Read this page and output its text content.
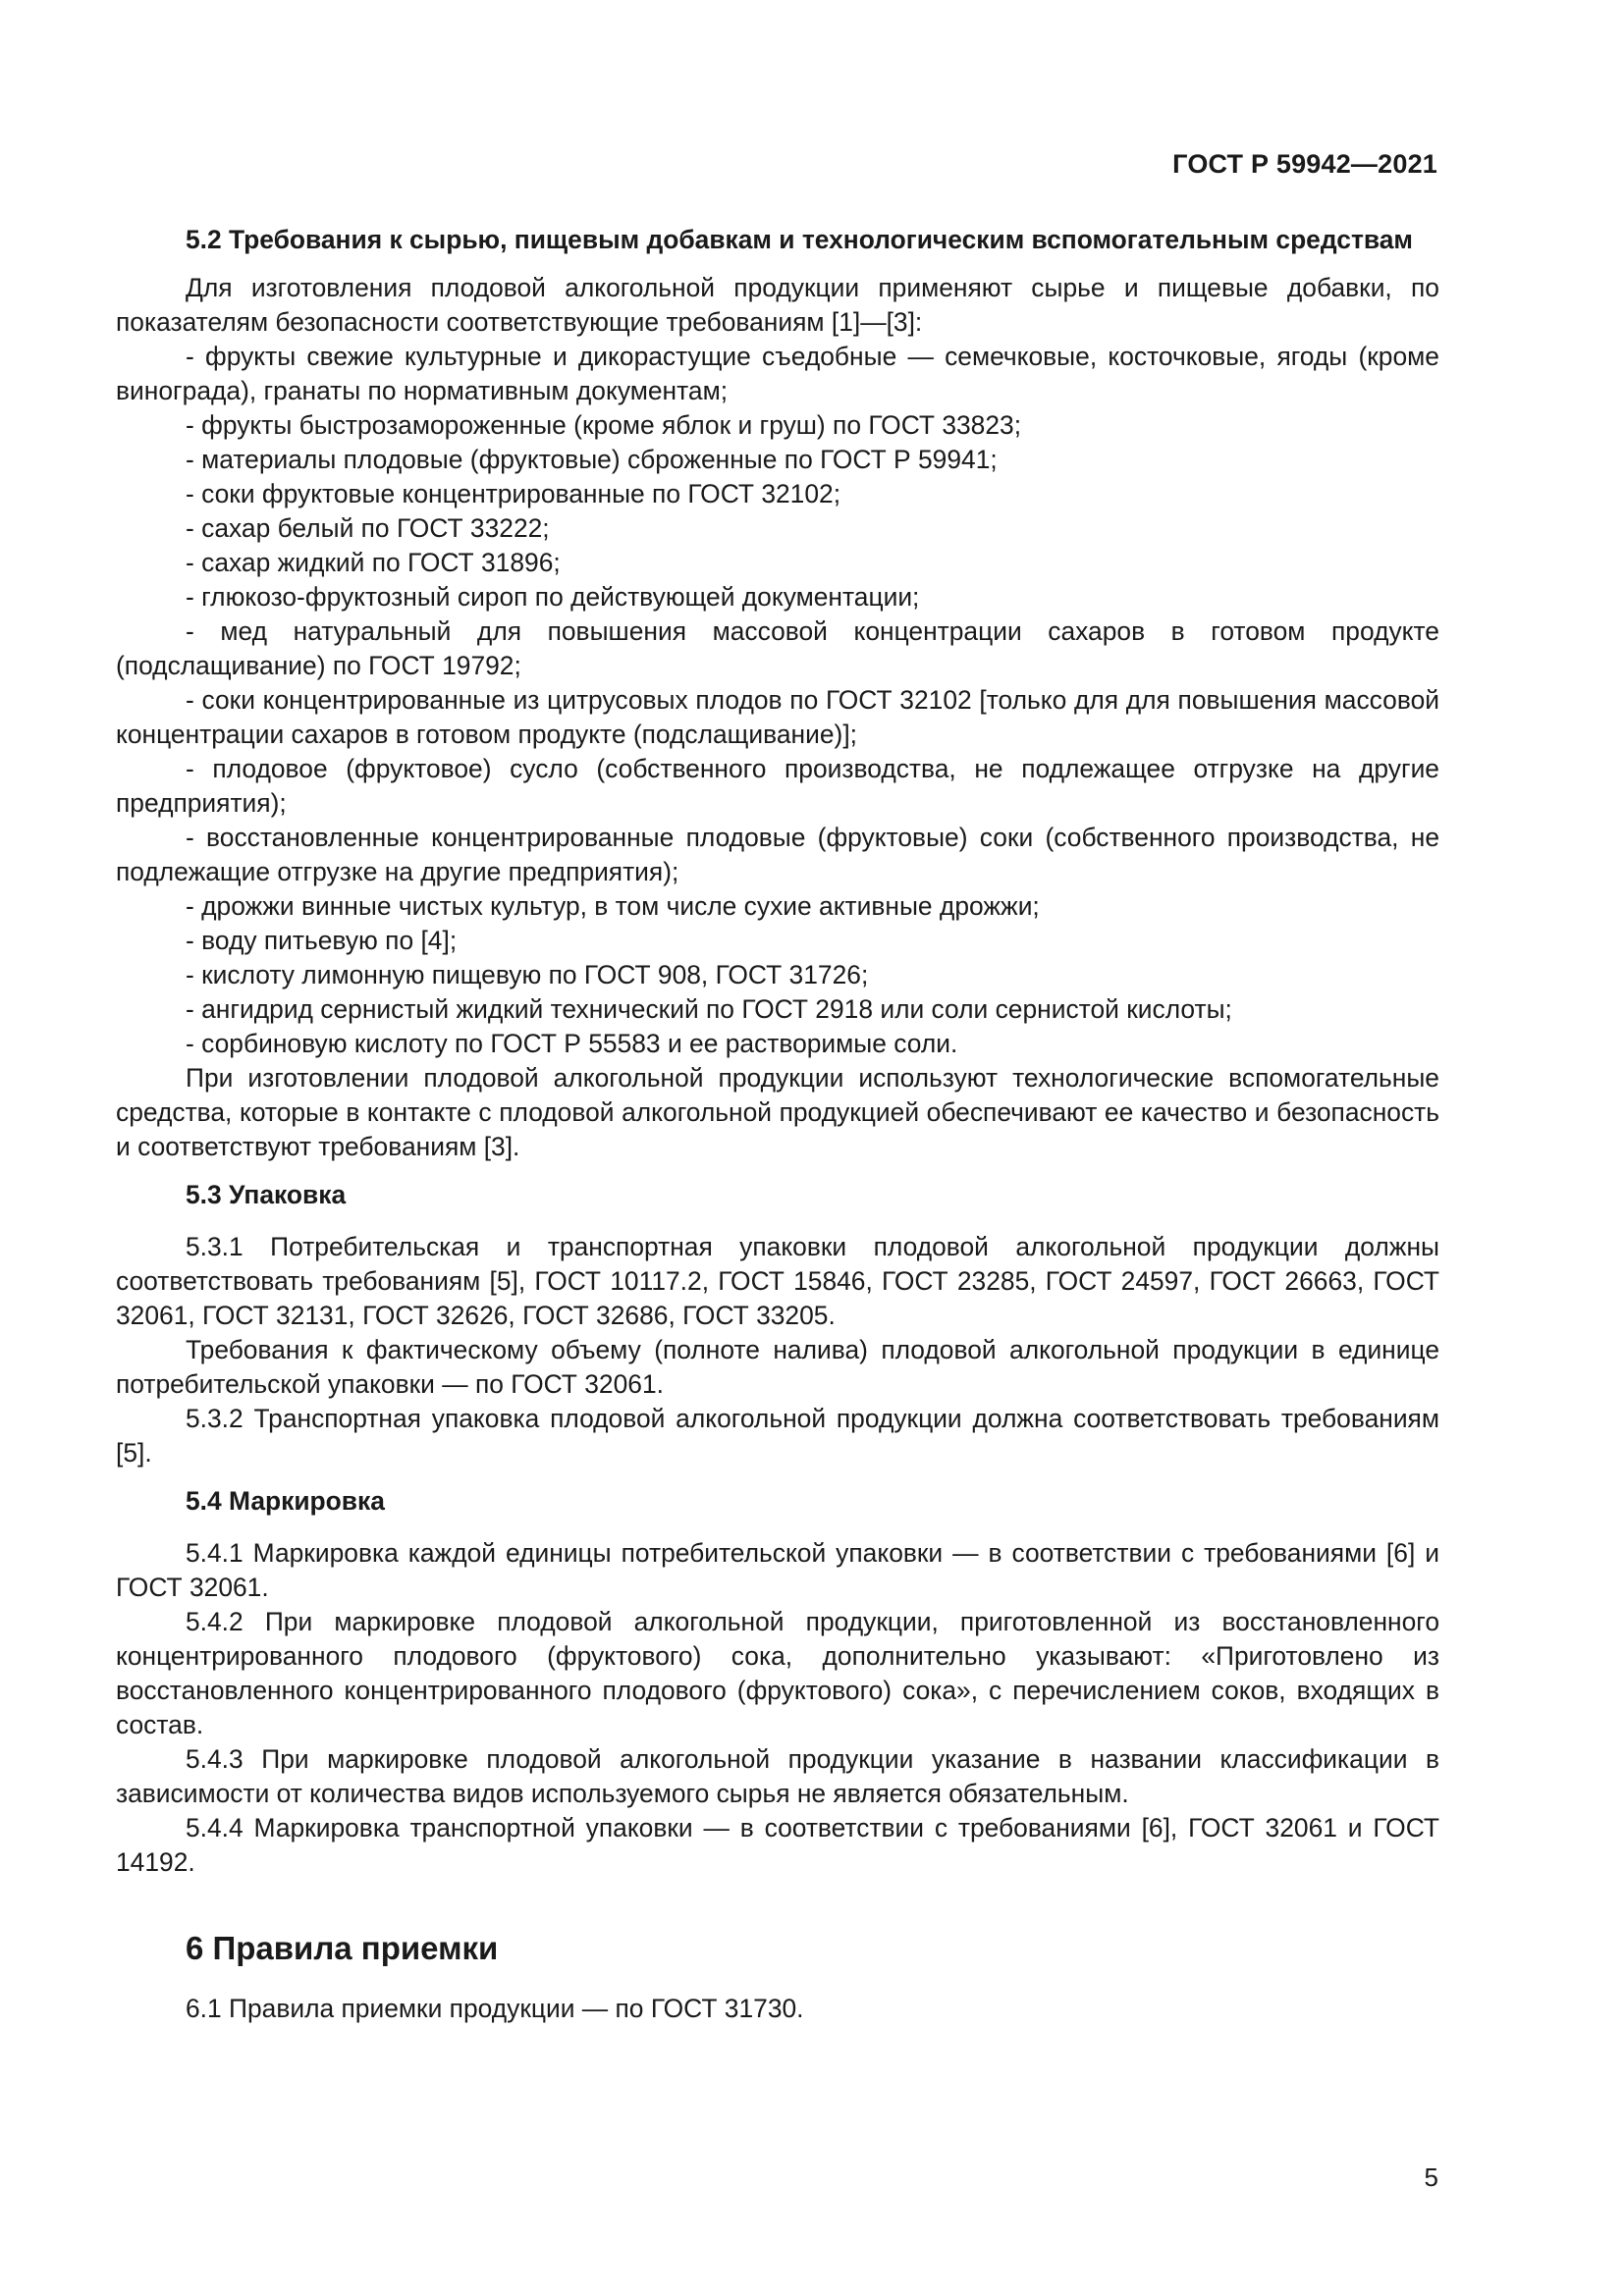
ГОСТ Р 59942—2021
5.2 Требования к сырью, пищевым добавкам и технологическим вспомогательным средствам

Для изготовления плодовой алкогольной продукции применяют сырье и пищевые добавки, по показателям безопасности соответствующие требованиям [1]—[3]:

- фрукты свежие культурные и дикорастущие съедобные — семечковые, косточковые, ягоды (кроме винограда), гранаты по нормативным документам;

- фрукты быстрозамороженные (кроме яблок и груш) по ГОСТ 33823;

- материалы плодовые (фруктовые) сброженные по ГОСТ Р 59941;

- соки фруктовые концентрированные по ГОСТ 32102;

- сахар белый по ГОСТ 33222;

- сахар жидкий по ГОСТ 31896;

- глюкозо-фруктозный сироп по действующей документации;

- мед натуральный для повышения массовой концентрации сахаров в готовом продукте (подслащивание) по ГОСТ 19792;

- соки концентрированные из цитрусовых плодов по ГОСТ 32102 [только для для повышения массовой концентрации сахаров в готовом продукте (подслащивание)];

- плодовое (фруктовое) сусло (собственного производства, не подлежащее отгрузке на другие предприятия);

- восстановленные концентрированные плодовые (фруктовые) соки (собственного производства, не подлежащие отгрузке на другие предприятия);

- дрожжи винные чистых культур, в том числе сухие активные дрожжи;

- воду питьевую по [4];

- кислоту лимонную пищевую по ГОСТ 908, ГОСТ 31726;

- ангидрид сернистый жидкий технический по ГОСТ 2918 или соли сернистой кислоты;

- сорбиновую кислоту по ГОСТ Р 55583 и ее растворимые соли.

При изготовлении плодовой алкогольной продукции используют технологические вспомогательные средства, которые в контакте с плодовой алкогольной продукцией обеспечивают ее качество и безопасность и соответствуют требованиям [3].

5.3 Упаковка

5.3.1 Потребительская и транспортная упаковки плодовой алкогольной продукции должны соответствовать требованиям [5], ГОСТ 10117.2, ГОСТ 15846, ГОСТ 23285, ГОСТ 24597, ГОСТ 26663, ГОСТ 32061, ГОСТ 32131, ГОСТ 32626, ГОСТ 32686, ГОСТ 33205.

Требования к фактическому объему (полноте налива) плодовой алкогольной продукции в единице потребительской упаковки — по ГОСТ 32061.

5.3.2 Транспортная упаковка плодовой алкогольной продукции должна соответствовать требованиям [5].

5.4 Маркировка

5.4.1 Маркировка каждой единицы потребительской упаковки — в соответствии с требованиями [6] и ГОСТ 32061.

5.4.2 При маркировке плодовой алкогольной продукции, приготовленной из восстановленного концентрированного плодового (фруктового) сока, дополнительно указывают: «Приготовлено из восстановленного концентрированного плодового (фруктового) сока», с перечислением соков, входящих в состав.

5.4.3 При маркировке плодовой алкогольной продукции указание в названии классификации в зависимости от количества видов используемого сырья не является обязательным.

5.4.4 Маркировка транспортной упаковки — в соответствии с требованиями [6], ГОСТ 32061 и ГОСТ 14192.

6 Правила приемки

6.1 Правила приемки продукции — по ГОСТ 31730.

5
